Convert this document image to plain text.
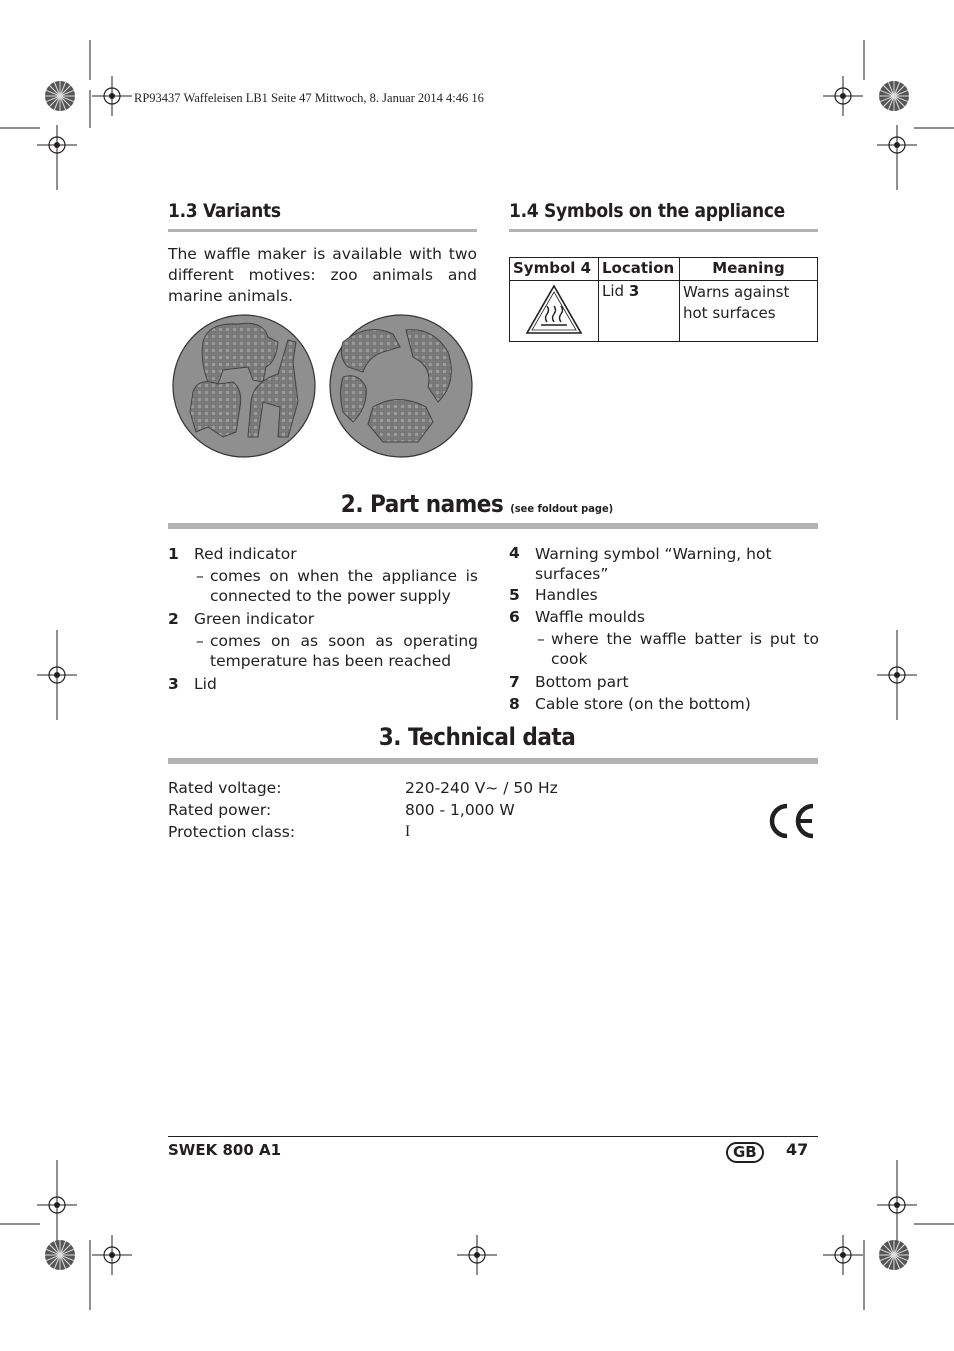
RP93437 Waffeleisen LB1 Seite 47 Mittwoch, 8. Januar 2014 4:46 16
1.3 Variants
The waffle maker is available with two different motives: zoo animals and marine animals.
1.4 Symbols on the appliance
Symbol 4	Location	Meaning
	Lid 3	Warns against hot surfaces
2. Part names (see foldout page)
1 Red indicator
– comes on when the appliance is connected to the power supply
2 Green indicator
– comes on as soon as operating temperature has been reached
3 Lid
4 Warning symbol “Warning, hot surfaces”
5 Handles
6 Waffle moulds
– where the waffle batter is put to cook
7 Bottom part
8 Cable store (on the bottom)
3. Technical data
Rated voltage:	220-240 V~ / 50 Hz
Rated power:	800 - 1,000 W
Protection class:	I
SWEK 800 A1	GB	47
